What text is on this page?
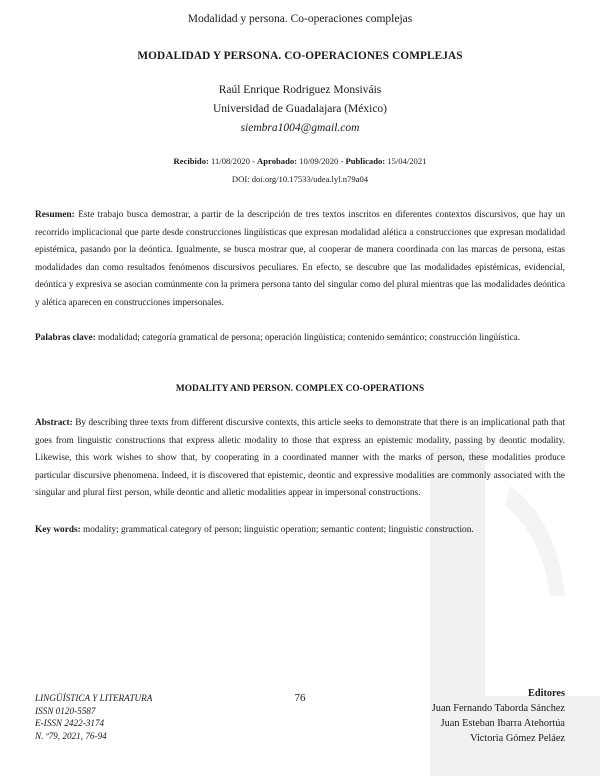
Modalidad y persona. Co-operaciones complejas
MODALIDAD Y PERSONA. CO-OPERACIONES COMPLEJAS
Raúl Enrique Rodriguez Monsiváis
Universidad de Guadalajara (México)
siembra1004@gmail.com
Recibido: 11/08/2020 - Aprobado: 10/09/2020 - Publicado: 15/04/2021
DOI: doi.org/10.17533/udea.lyl.n79a04
Resumen: Este trabajo busca demostrar, a partir de la descripción de tres textos inscritos en diferentes contextos discursivos, que hay un recorrido implicacional que parte desde construcciones lingüísticas que expresan modalidad alética a construcciones que expresan modalidad epistémica, pasando por la deóntica. Igualmente, se busca mostrar que, al cooperar de manera coordinada con las marcas de persona, estas modalidades dan como resultados fenómenos discursivos peculiares. En efecto, se descubre que las modalidades epistémicas, evidencial, deóntica y expresiva se asocian comúnmente con la primera persona tanto del singular como del plural mientras que las modalidades deóntica y alética aparecen en construcciones impersonales.
Palabras clave: modalidad; categoría gramatical de persona; operación lingüística; contenido semántico; construcción lingüística.
MODALITY AND PERSON. COMPLEX CO-OPERATIONS
Abstract: By describing three texts from different discursive contexts, this article seeks to demonstrate that there is an implicational path that goes from linguistic constructions that express alletic modality to those that express an epistemic modality, passing by deontic modality. Likewise, this work wishes to show that, by cooperating in a coordinated manner with the marks of person, these modalities produce particular discursive phenomena. Indeed, it is discovered that epistemic, deontic and expressive modalities are commonly associated with the singular and plural first person, while deontic and alletic modalities appear in impersonal constructions.
Key words: modality; grammatical category of person; linguistic operation; semantic content; linguistic construction.
LINGÜÍSTICA Y LITERATURA
ISSN 0120-5587
E-ISSN 2422-3174
N. º79, 2021, 76-94
76	Editores
Juan Fernando Taborda Sánchez
Juan Esteban Ibarra Atehortúa
Victoria Gómez Peláez
